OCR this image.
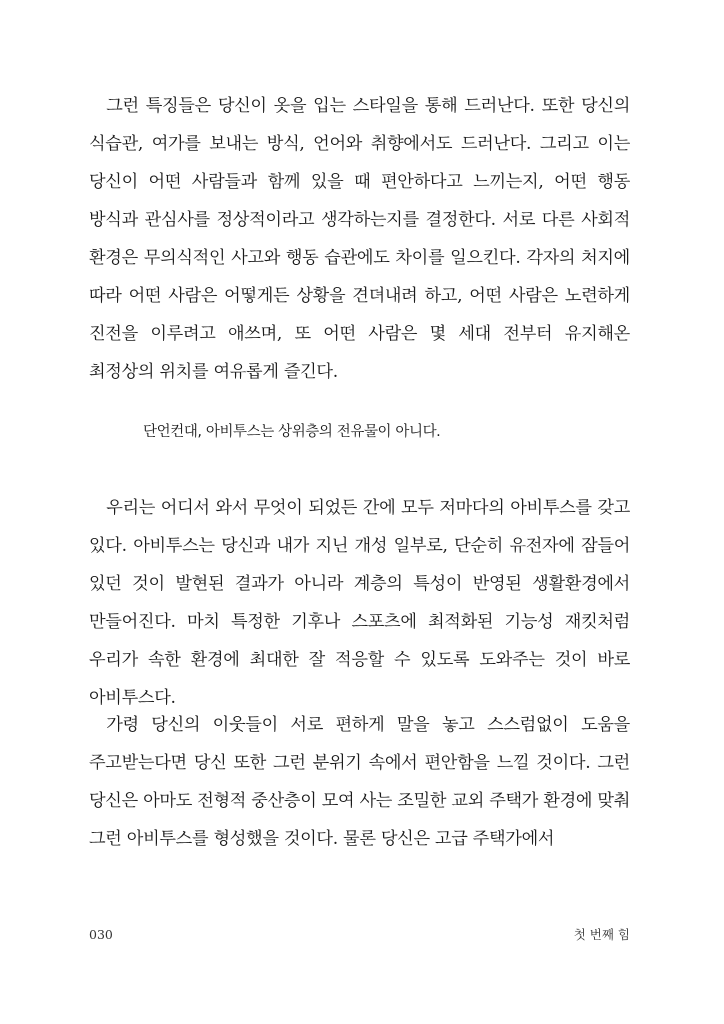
그런 특징들은 당신이 옷을 입는 스타일을 통해 드러난다. 또한 당신의 식습관, 여가를 보내는 방식, 언어와 취향에서도 드러난다. 그리고 이는 당신이 어떤 사람들과 함께 있을 때 편안하다고 느끼는지, 어떤 행동 방식과 관심사를 정상적이라고 생각하는지를 결정한다. 서로 다른 사회적 환경은 무의식적인 사고와 행동 습관에도 차이를 일으킨다. 각자의 처지에 따라 어떤 사람은 어떻게든 상황을 견뎌내려 하고, 어떤 사람은 노련하게 진전을 이루려고 애쓰며, 또 어떤 사람은 몇 세대 전부터 유지해온 최정상의 위치를 여유롭게 즐긴다.

단언컨대, 아비투스는 상위층의 전유물이 아니다.

우리는 어디서 와서 무엇이 되었든 간에 모두 저마다의 아비투스를 갖고 있다. 아비투스는 당신과 내가 지닌 개성 일부로, 단순히 유전자에 잠들어 있던 것이 발현된 결과가 아니라 계층의 특성이 반영된 생활환경에서 만들어진다. 마치 특정한 기후나 스포츠에 최적화된 기능성 재킷처럼 우리가 속한 환경에 최대한 잘 적응할 수 있도록 도와주는 것이 바로 아비투스다.

가령 당신의 이웃들이 서로 편하게 말을 놓고 스스럼없이 도움을 주고받는다면 당신 또한 그런 분위기 속에서 편안함을 느낄 것이다. 그런 당신은 아마도 전형적 중산층이 모여 사는 조밀한 교외 주택가 환경에 맞춰 그런 아비투스를 형성했을 것이다. 물론 당신은 고급 주택가에서

030	첫 번째 힘
